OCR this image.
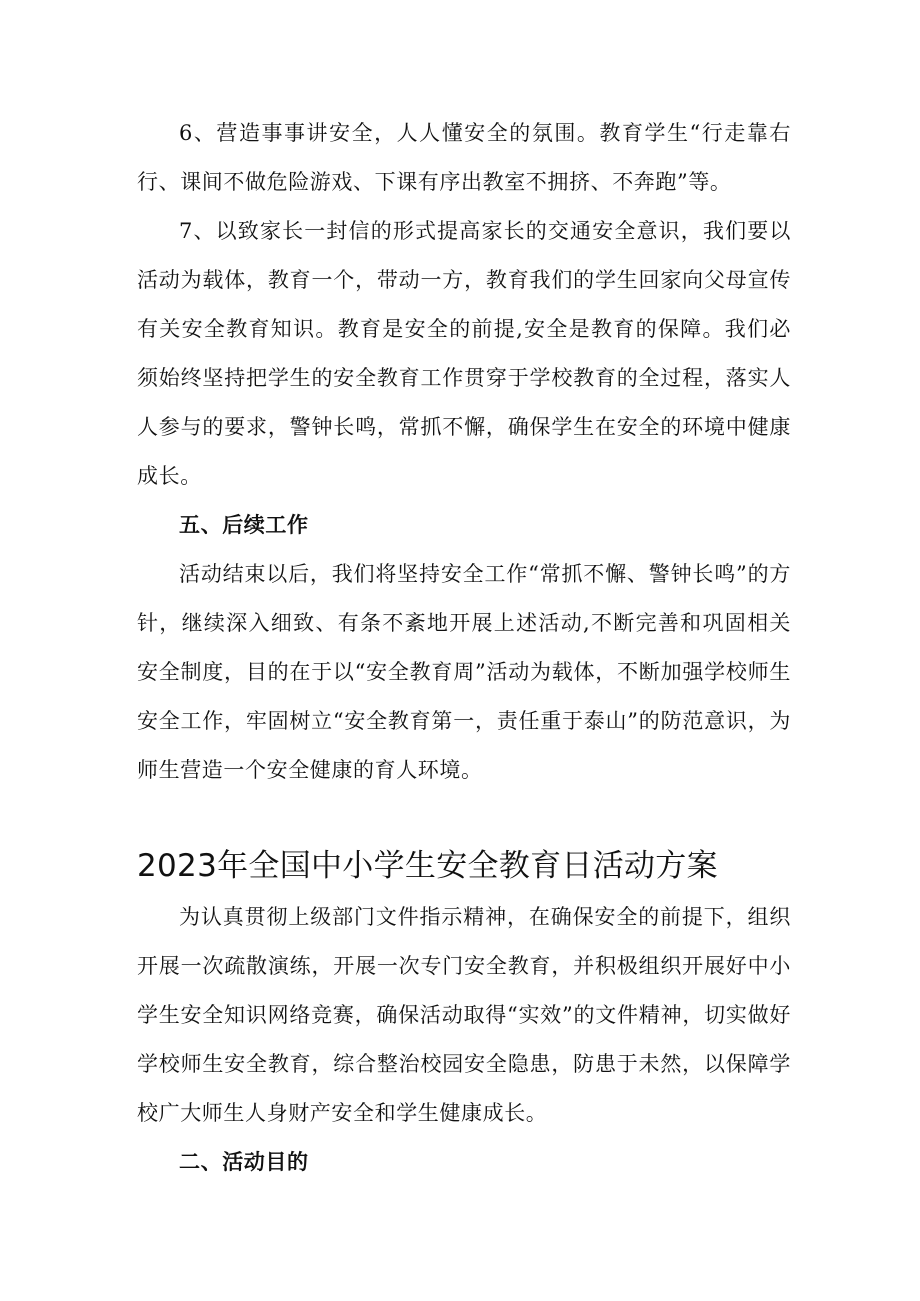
6、营造事事讲安全，人人懂安全的氛围。教育学生“行走靠右行、课间不做危险游戏、下课有序出教室不拥挤、不奔跑”等。

7、以致家长一封信的形式提高家长的交通安全意识，我们要以活动为载体，教育一个，带动一方，教育我们的学生回家向父母宣传有关安全教育知识。教育是安全的前提,安全是教育的保障。我们必须始终坚持把学生的安全教育工作贯穿于学校教育的全过程，落实人人参与的要求，警钟长鸣，常抓不懈，确保学生在安全的环境中健康成长。

五、后续工作

活动结束以后，我们将坚持安全工作“常抓不懈、警钟长鸣”的方针，继续深入细致、有条不紊地开展上述活动,不断完善和巩固相关安全制度，目的在于以“安全教育周”活动为载体，不断加强学校师生安全工作，牢固树立“安全教育第一，责任重于泰山”的防范意识，为师生营造一个安全健康的育人环境。

2023年全国中小学生安全教育日活动方案

为认真贯彻上级部门文件指示精神，在确保安全的前提下，组织开展一次疏散演练，开展一次专门安全教育，并积极组织开展好中小学生安全知识网络竞赛，确保活动取得“实效”的文件精神，切实做好学校师生安全教育，综合整治校园安全隐患，防患于未然，以保障学校广大师生人身财产安全和学生健康成长。

二、活动目的
